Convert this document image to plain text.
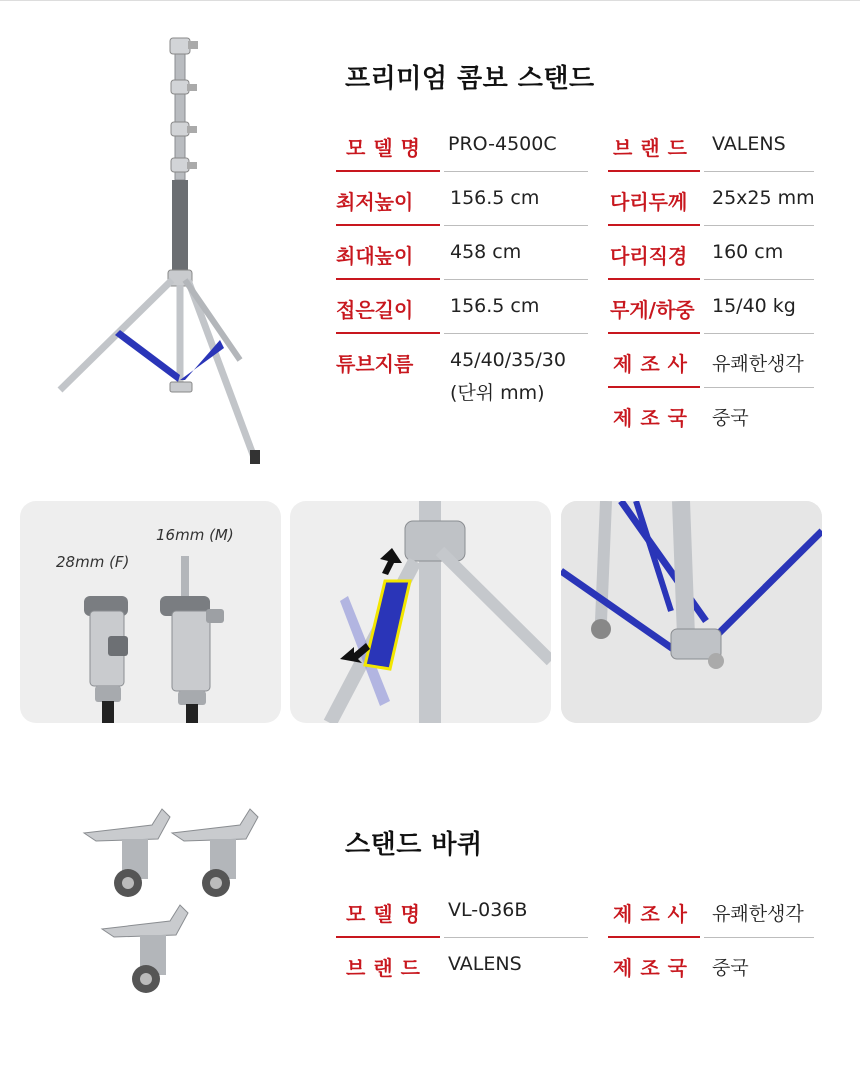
프리미엄 콤보 스탠드
모델명 PRO-4500C
최저높이 156.5 cm
최대높이 458 cm
접은길이 156.5 cm
튜브지름 45/40/35/30
(단위 mm)
브랜드 VALENS
다리두께 25x25 mm
다리직경 160 cm
무게/하중 15/40 kg
제조사 유쾌한생각
제조국 중국
16mm (M)
28mm (F)
스탠드 바퀴
모델명 VL-036B
브랜드 VALENS
제조사 유쾌한생각
제조국 중국
